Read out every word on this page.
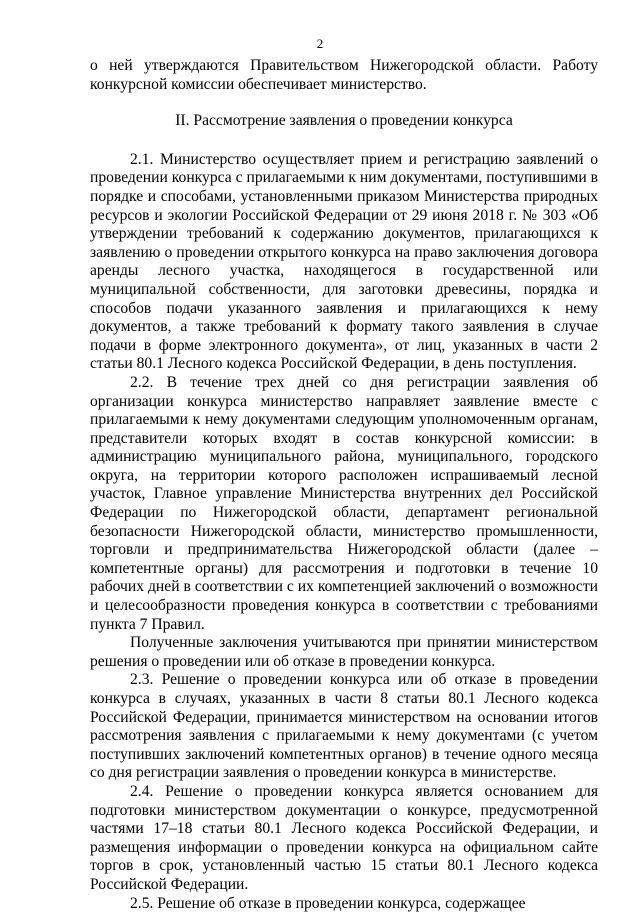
2

о ней утверждаются Правительством Нижегородской области. Работу конкурсной комиссии обеспечивает министерство.

II. Рассмотрение заявления о проведении конкурса

2.1. Министерство осуществляет прием и регистрацию заявлений о проведении конкурса с прилагаемыми к ним документами, поступившими в порядке и способами, установленными приказом Министерства природных ресурсов и экологии Российской Федерации от 29 июня 2018 г. № 303 «Об утверждении требований к содержанию документов, прилагающихся к заявлению о проведении открытого конкурса на право заключения договора аренды лесного участка, находящегося в государственной или муниципальной собственности, для заготовки древесины, порядка и способов подачи указанного заявления и прилагающихся к нему документов, а также требований к формату такого заявления в случае подачи в форме электронного документа», от лиц, указанных в части 2 статьи 80.1 Лесного кодекса Российской Федерации, в день поступления.

2.2. В течение трех дней со дня регистрации заявления об организации конкурса министерство направляет заявление вместе с прилагаемыми к нему документами следующим уполномоченным органам, представители которых входят в состав конкурсной комиссии: в администрацию муниципального района, муниципального, городского округа, на территории которого расположен испрашиваемый лесной участок, Главное управление Министерства внутренних дел Российской Федерации по Нижегородской области, департамент региональной безопасности Нижегородской области, министерство промышленности, торговли и предпринимательства Нижегородской области (далее – компетентные органы) для рассмотрения и подготовки в течение 10 рабочих дней в соответствии с их компетенцией заключений о возможности и целесообразности проведения конкурса в соответствии с требованиями пункта 7 Правил.

Полученные заключения учитываются при принятии министерством решения о проведении или об отказе в проведении конкурса.

2.3. Решение о проведении конкурса или об отказе в проведении конкурса в случаях, указанных в части 8 статьи 80.1 Лесного кодекса Российской Федерации, принимается министерством на основании итогов рассмотрения заявления с прилагаемыми к нему документами (с учетом поступивших заключений компетентных органов) в течение одного месяца со дня регистрации заявления о проведении конкурса в министерстве.

2.4. Решение о проведении конкурса является основанием для подготовки министерством документации о конкурсе, предусмотренной частями 17–18 статьи 80.1 Лесного кодекса Российской Федерации, и размещения информации о проведении конкурса на официальном сайте торгов в срок, установленный частью 15 статьи 80.1 Лесного кодекса Российской Федерации.

2.5. Решение об отказе в проведении конкурса, содержащее
